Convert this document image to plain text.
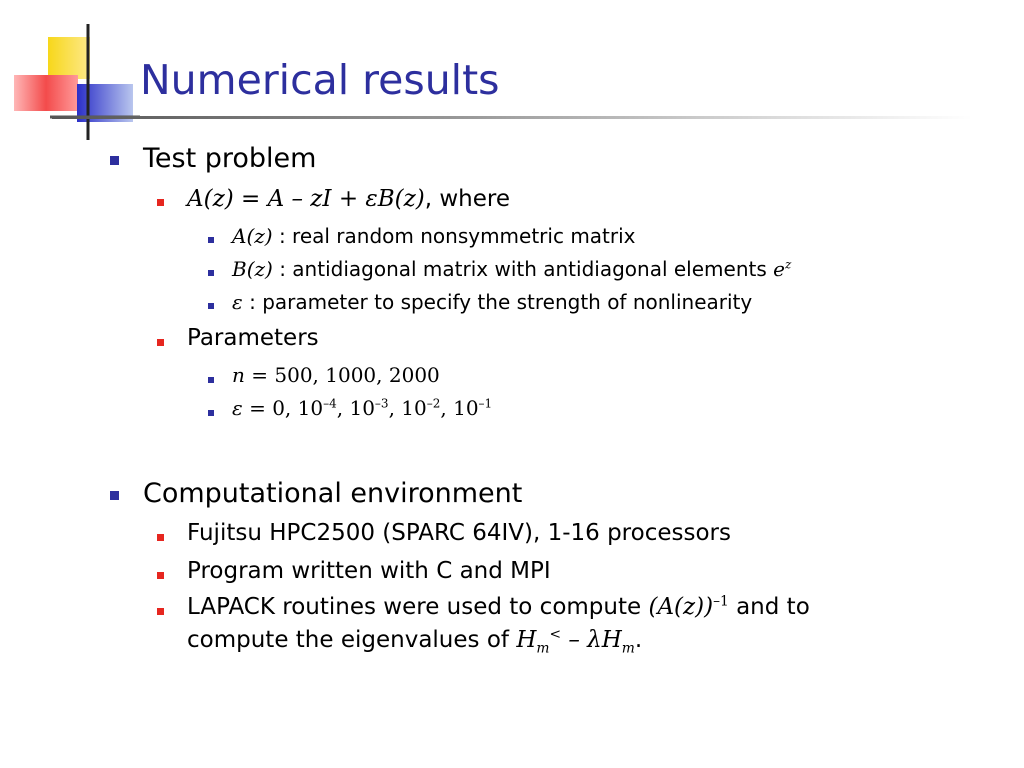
Numerical results
Test problem
A(z) = A – zI + εB(z), where
A(z) : real random nonsymmetric matrix
B(z) : antidiagonal matrix with antidiagonal elements $e^z$
ε : parameter to specify the strength of nonlinearity
Parameters
n = 500, 1000, 2000
ε = 0, $10^{-4}$, $10^{-3}$, $10^{-2}$, $10^{-1}$
Computational environment
Fujitsu HPC2500 (SPARC 64IV), 1-16 processors
Program written with C and MPI
LAPACK routines were used to compute $(A(z))^{-1}$ and to
compute the eigenvalues of $H_m^< - \lambda H_m$.
